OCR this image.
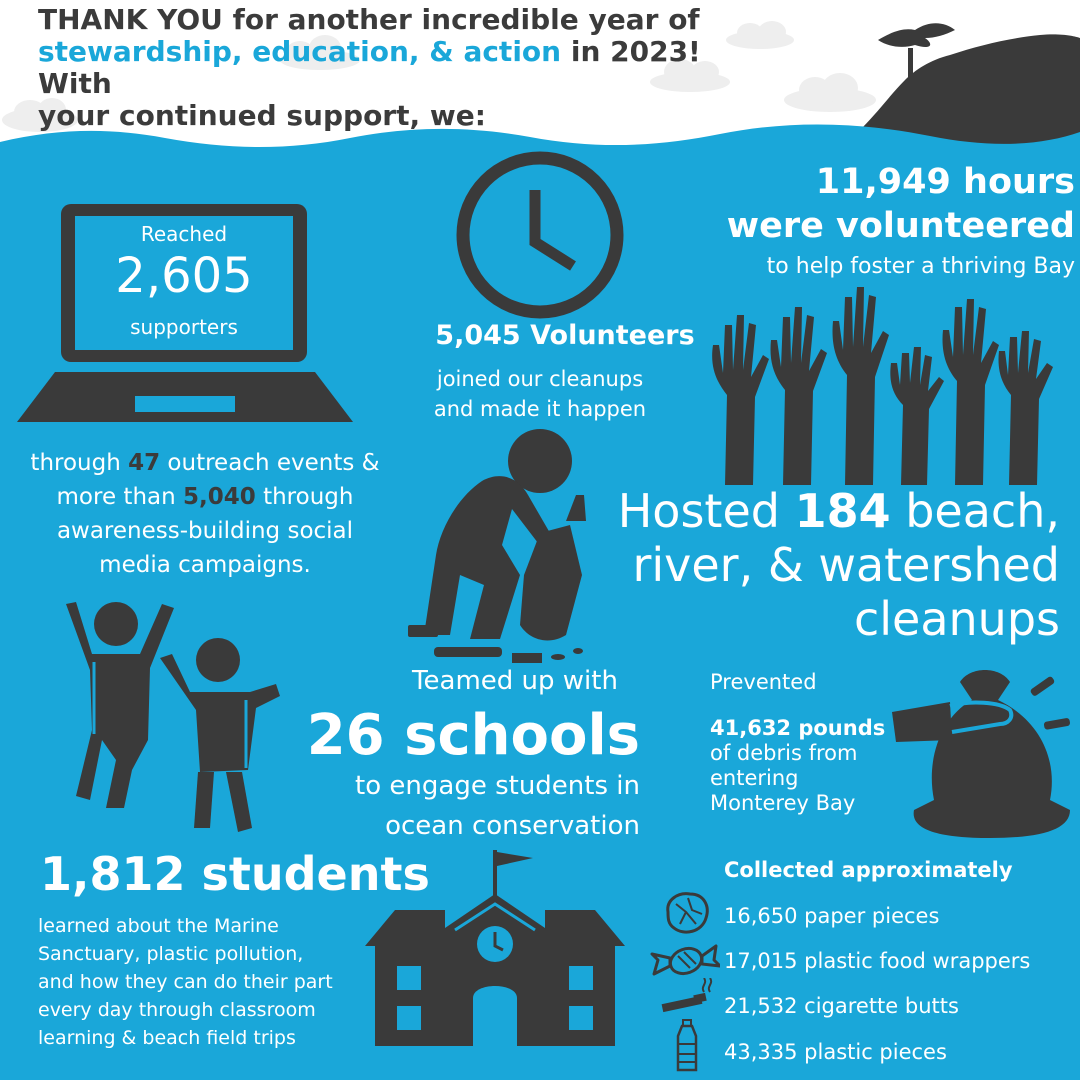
THANK YOU for another incredible year of
stewardship, education, & action in 2023! With
your continued support, we:
Reached
2,605
supporters
through 47 outreach events &
more than 5,040 through
awareness-building social
media campaigns.
5,045 Volunteers
joined our cleanups
and made it happen
11,949 hours
were volunteered
to help foster a thriving Bay
Hosted 184 beach,
river, & watershed
cleanups
Teamed up with
26 schools
to engage students in
ocean conservation
Prevented
41,632 pounds
of debris from
entering
Monterey Bay
1,812 students
learned about the Marine
Sanctuary, plastic pollution,
and how they can do their part
every day through classroom
learning & beach field trips
Collected approximately
16,650 paper pieces
17,015 plastic food wrappers
21,532 cigarette butts
43,335 plastic pieces
